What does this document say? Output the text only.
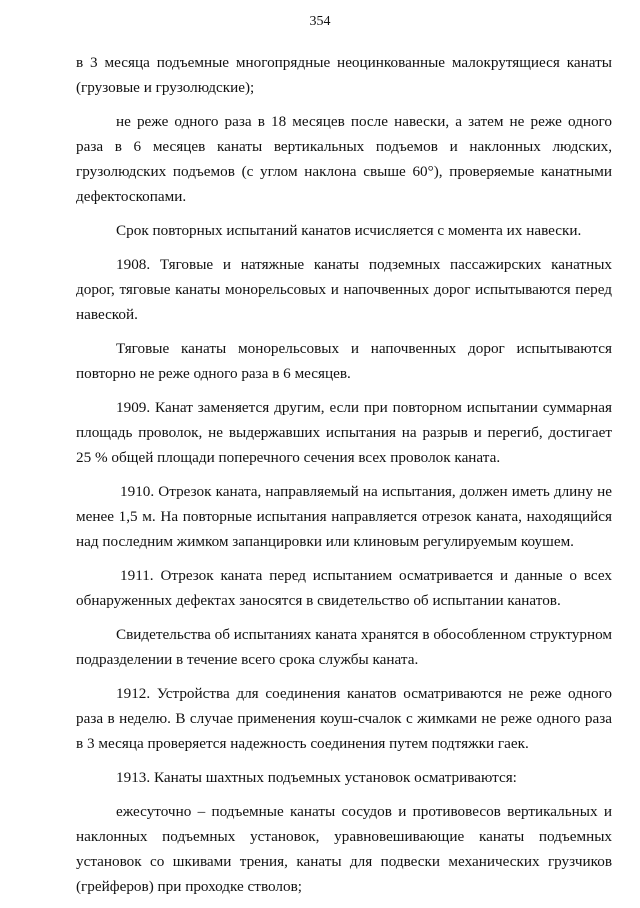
354

в 3 месяца подъемные многопрядные неоцинкованные малокрутящиеся канаты (грузовые и грузолюдские);

не реже одного раза в 18 месяцев после навески, а затем не реже одного раза в 6 месяцев канаты вертикальных подъемов и наклонных людских, грузолюдских подъемов (с углом наклона свыше 60°), проверяемые канатными дефектоскопами.

Срок повторных испытаний канатов исчисляется с момента их навески.

1908. Тяговые и натяжные канаты подземных пассажирских канатных дорог, тяговые канаты монорельсовых и напочвенных дорог испытываются перед навеской.

Тяговые канаты монорельсовых и напочвенных дорог испытываются повторно не реже одного раза в 6 месяцев.

1909. Канат заменяется другим, если при повторном испытании суммарная площадь проволок, не выдержавших испытания на разрыв и перегиб, достигает 25 % общей площади поперечного сечения всех проволок каната.

1910. Отрезок каната, направляемый на испытания, должен иметь длину не менее 1,5 м. На повторные испытания направляется отрезок каната, находящийся над последним жимком запанцировки или клиновым регулируемым коушем.

1911. Отрезок каната перед испытанием осматривается и данные о всех обнаруженных дефектах заносятся в свидетельство об испытании канатов.

Свидетельства об испытаниях каната хранятся в обособленном структурном подразделении в течение всего срока службы каната.

1912. Устройства для соединения канатов осматриваются не реже одного раза в неделю. В случае применения коуш-счалок с жимками не реже одного раза в 3 месяца проверяется надежность соединения путем подтяжки гаек.

1913. Канаты шахтных подъемных установок осматриваются:

ежесуточно – подъемные канаты сосудов и противовесов вертикальных и наклонных подъемных установок, уравновешивающие канаты подъемных установок со шкивами трения, канаты для подвески механических грузчиков (грейферов) при проходке стволов;
